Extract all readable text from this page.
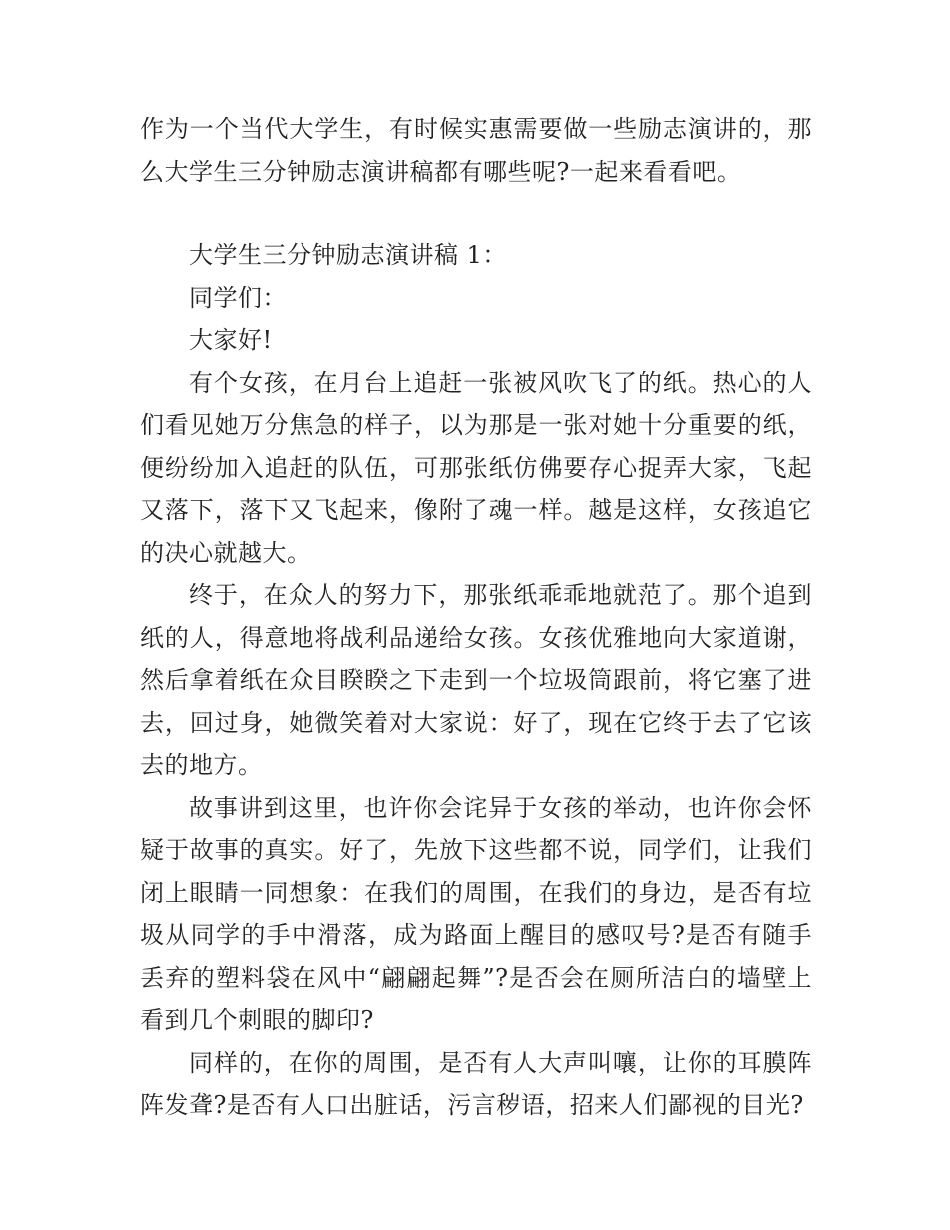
作为一个当代大学生，有时候实惠需要做一些励志演讲的，那么大学生三分钟励志演讲稿都有哪些呢?一起来看看吧。

大学生三分钟励志演讲稿 1：

同学们：

大家好!

有个女孩，在月台上追赶一张被风吹飞了的纸。热心的人们看见她万分焦急的样子，以为那是一张对她十分重要的纸，便纷纷加入追赶的队伍，可那张纸仿佛要存心捉弄大家，飞起又落下，落下又飞起来，像附了魂一样。越是这样，女孩追它的决心就越大。

终于，在众人的努力下，那张纸乖乖地就范了。那个追到纸的人，得意地将战利品递给女孩。女孩优雅地向大家道谢，然后拿着纸在众目睽睽之下走到一个垃圾筒跟前，将它塞了进去，回过身，她微笑着对大家说：好了，现在它终于去了它该去的地方。

故事讲到这里，也许你会诧异于女孩的举动，也许你会怀疑于故事的真实。好了，先放下这些都不说，同学们，让我们闭上眼睛一同想象：在我们的周围，在我们的身边，是否有垃圾从同学的手中滑落，成为路面上醒目的感叹号?是否有随手丢弃的塑料袋在风中“翩翩起舞”?是否会在厕所洁白的墙壁上看到几个刺眼的脚印?

同样的，在你的周围，是否有人大声叫嚷，让你的耳膜阵阵发聋?是否有人口出脏话，污言秽语，招来人们鄙视的目光?
